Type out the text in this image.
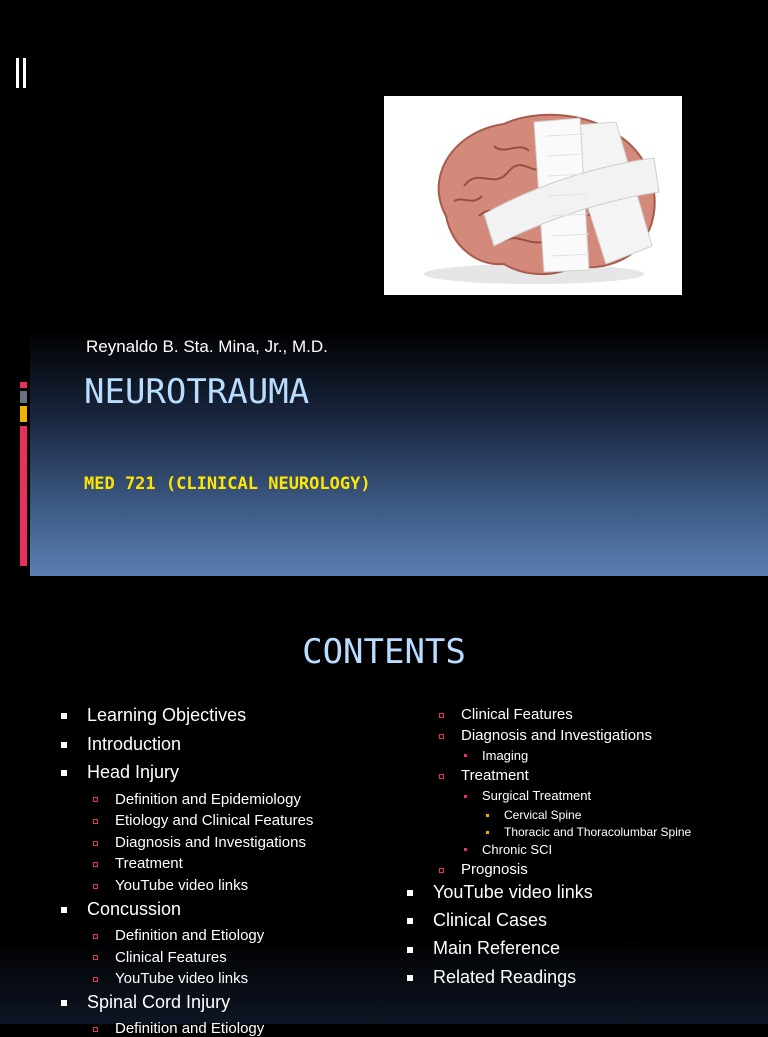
Reynaldo B. Sta. Mina, Jr., M.D.
NEUROTRAUMA
MED 721 (CLINICAL NEUROLOGY)
CONTENTS
Learning Objectives
Introduction
Head Injury
Definition and Epidemiology
Etiology and Clinical Features
Diagnosis and Investigations
Treatment
YouTube video links
Concussion
Definition and Etiology
Clinical Features
YouTube video links
Spinal Cord Injury
Definition and Etiology
Clinical Features
Diagnosis and Investigations
Imaging
Treatment
Surgical Treatment
Cervical Spine
Thoracic and Thoracolumbar Spine
Chronic SCI
Prognosis
YouTube video links
Clinical Cases
Main Reference
Related Readings
